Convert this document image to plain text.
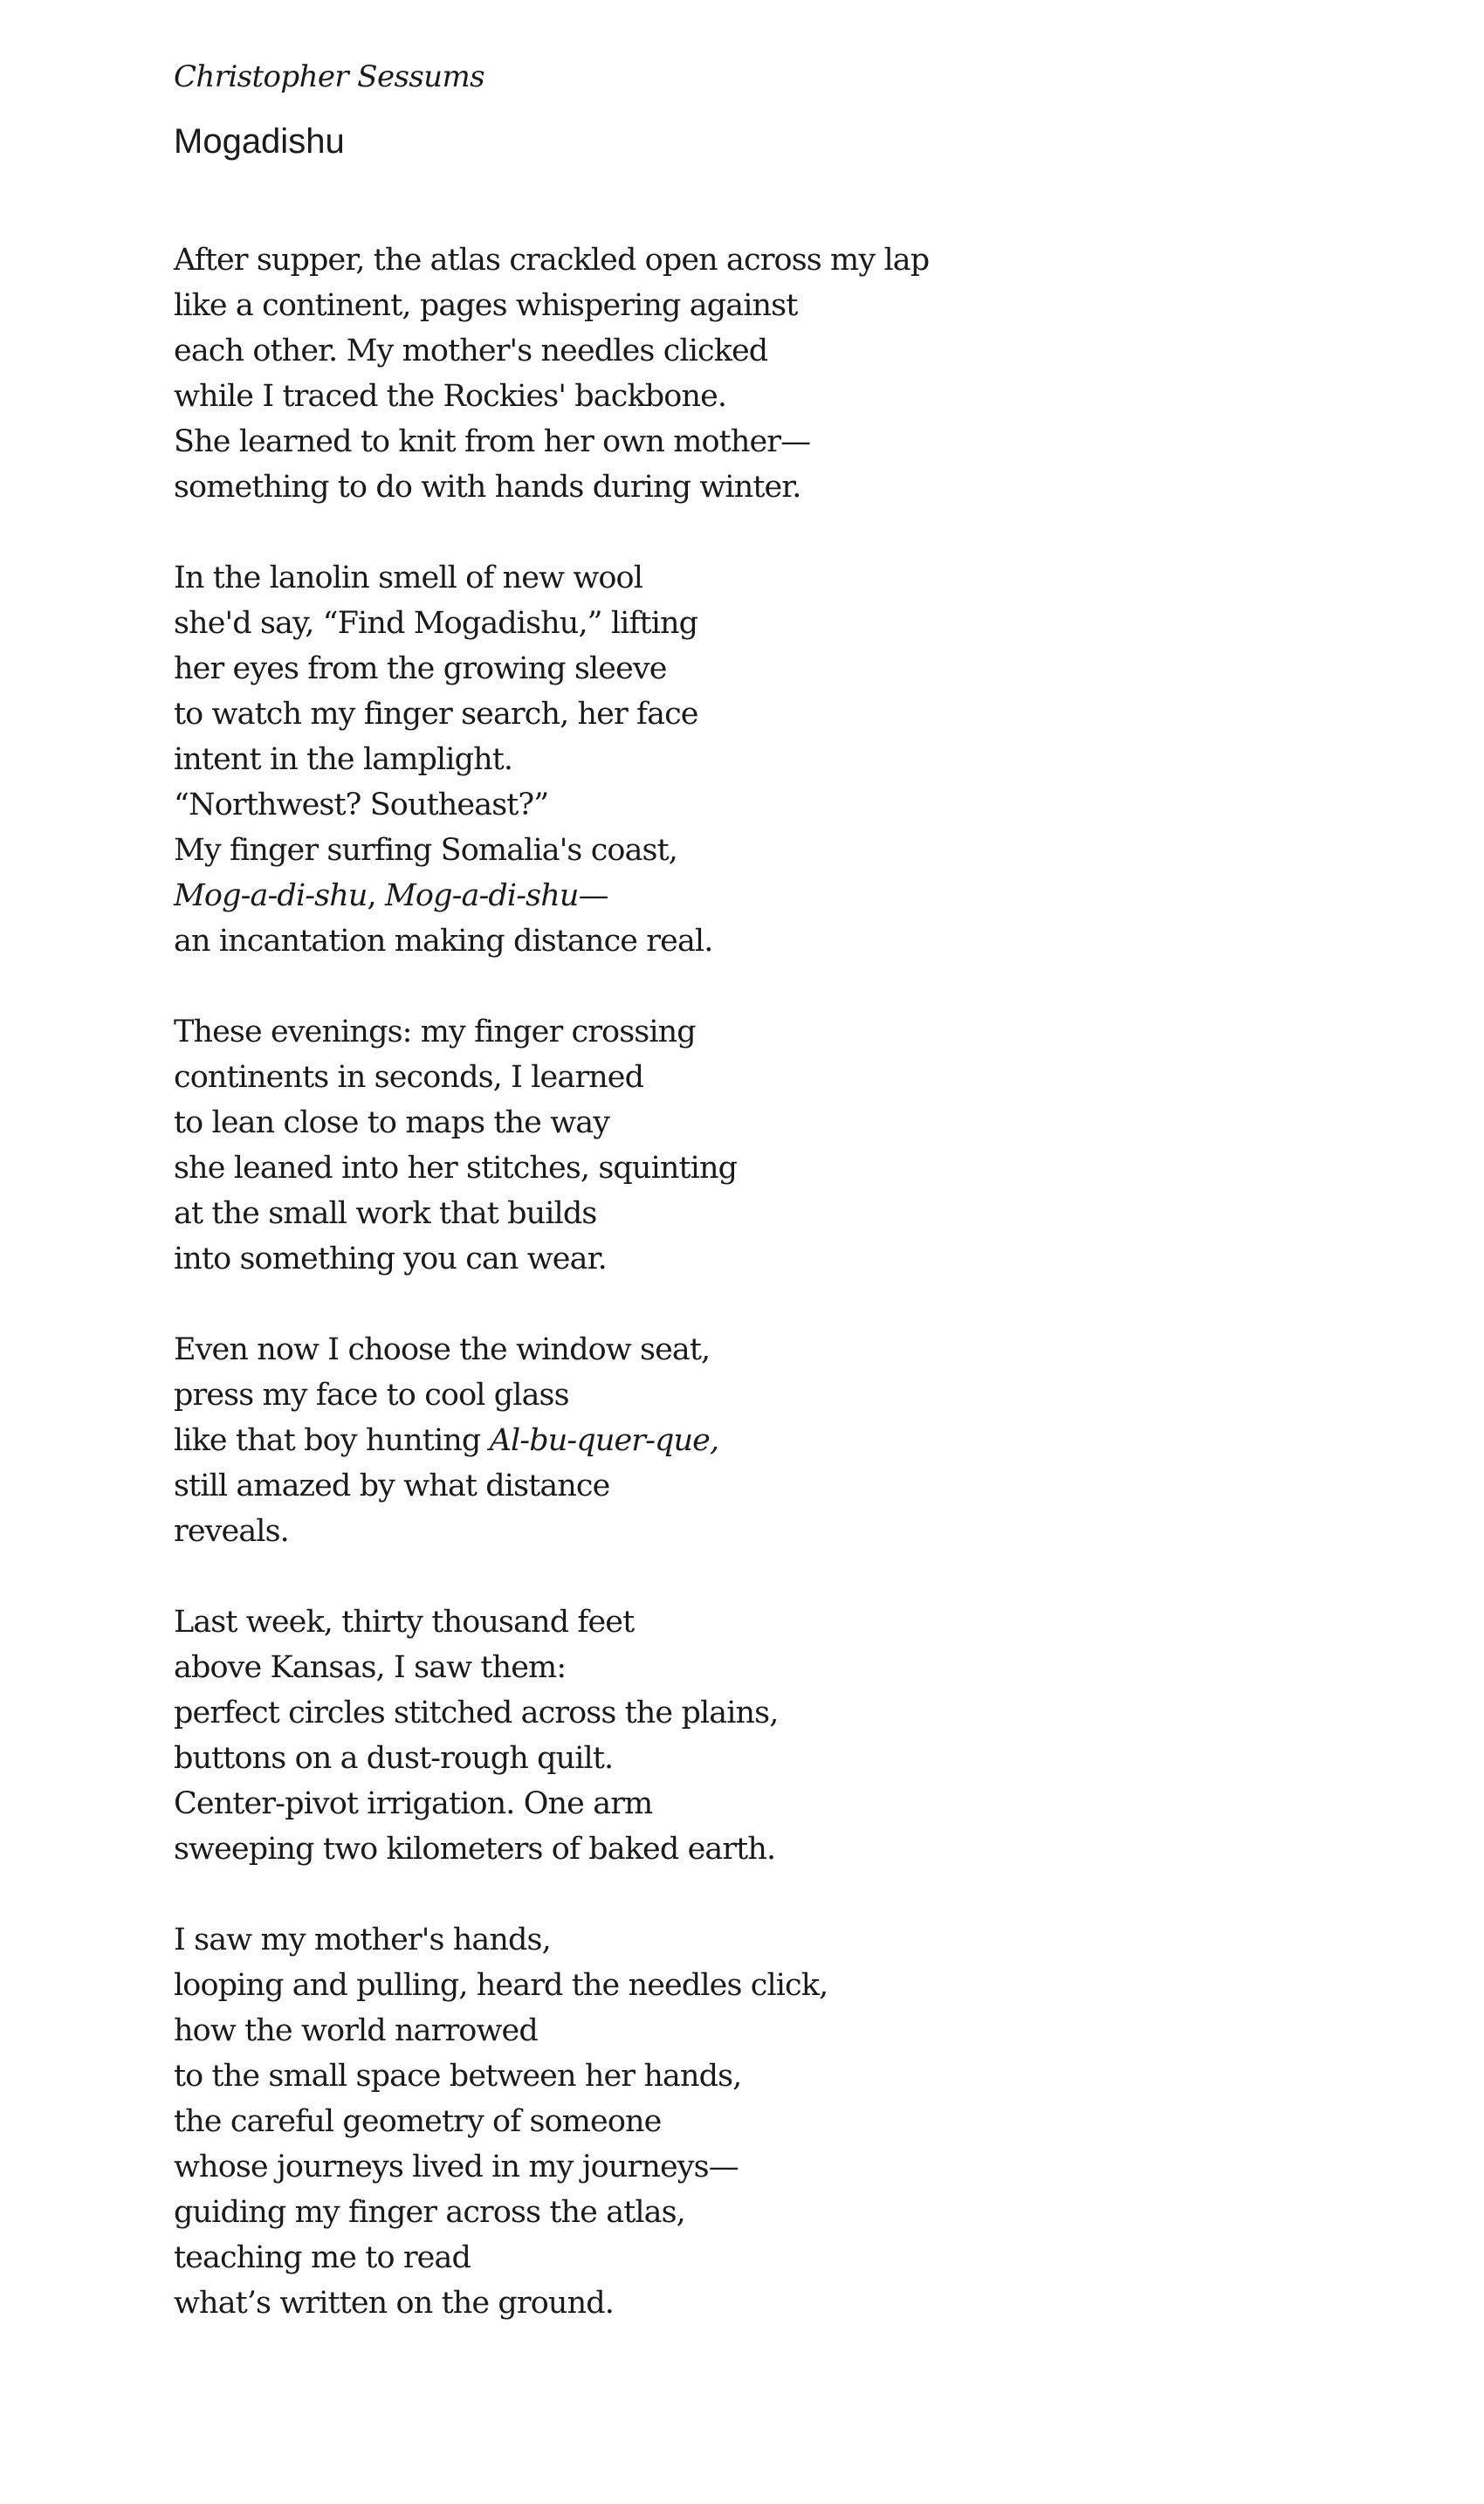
Christopher Sessums

Mogadishu
After supper, the atlas crackled open across my lap
like a continent, pages whispering against
each other. My mother's needles clicked
while I traced the Rockies' backbone.
She learned to knit from her own mother—
something to do with hands during winter.
In the lanolin smell of new wool
she'd say, “Find Mogadishu,” lifting
her eyes from the growing sleeve
to watch my finger search, her face
intent in the lamplight.
“Northwest? Southeast?”
My finger surfing Somalia's coast,
Mog-a-di-shu, Mog-a-di-shu—
an incantation making distance real.
These evenings: my finger crossing
continents in seconds, I learned
to lean close to maps the way
she leaned into her stitches, squinting
at the small work that builds
into something you can wear.
Even now I choose the window seat,
press my face to cool glass
like that boy hunting Al-bu-quer-que,
still amazed by what distance
reveals.
Last week, thirty thousand feet
above Kansas, I saw them:
perfect circles stitched across the plains,
buttons on a dust-rough quilt.
Center-pivot irrigation. One arm
sweeping two kilometers of baked earth.
I saw my mother's hands,
looping and pulling, heard the needles click,
how the world narrowed
to the small space between her hands,
the careful geometry of someone
whose journeys lived in my journeys—
guiding my finger across the atlas,
teaching me to read
what’s written on the ground.
